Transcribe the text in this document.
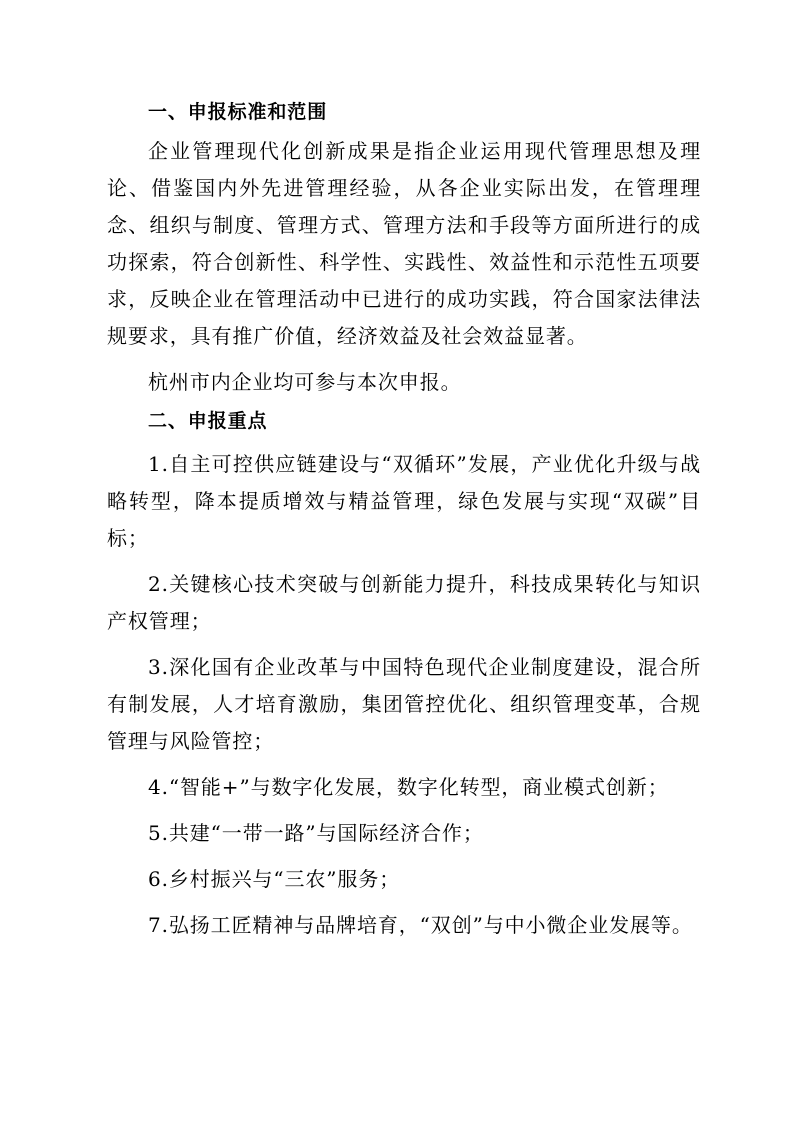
一、申报标准和范围

企业管理现代化创新成果是指企业运用现代管理思想及理论、借鉴国内外先进管理经验，从各企业实际出发，在管理理念、组织与制度、管理方式、管理方法和手段等方面所进行的成功探索，符合创新性、科学性、实践性、效益性和示范性五项要求，反映企业在管理活动中已进行的成功实践，符合国家法律法规要求，具有推广价值，经济效益及社会效益显著。

杭州市内企业均可参与本次申报。

二、申报重点

1.自主可控供应链建设与“双循环”发展，产业优化升级与战略转型，降本提质增效与精益管理，绿色发展与实现“双碳”目标；

2.关键核心技术突破与创新能力提升，科技成果转化与知识产权管理；

3.深化国有企业改革与中国特色现代企业制度建设，混合所有制发展，人才培育激励，集团管控优化、组织管理变革，合规管理与风险管控；

4.“智能+”与数字化发展，数字化转型，商业模式创新；

5.共建“一带一路”与国际经济合作；

6.乡村振兴与“三农”服务；

7.弘扬工匠精神与品牌培育，“双创”与中小微企业发展等。
